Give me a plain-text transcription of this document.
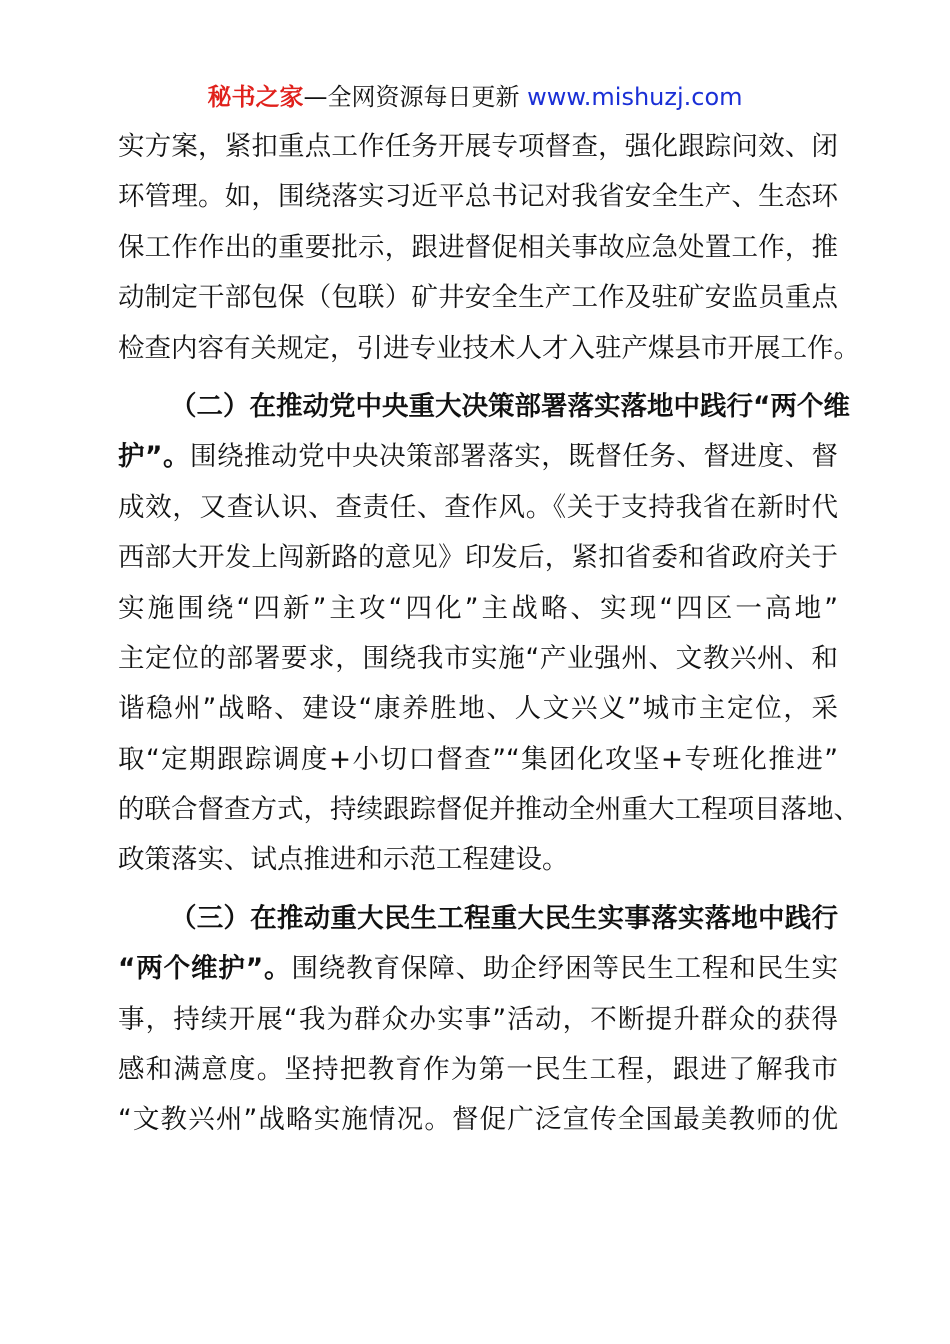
秘书之家—全网资源每日更新 www.mishuzj.com
实方案，紧扣重点工作任务开展专项督查，强化跟踪问效、闭
环管理。如，围绕落实习近平总书记对我省安全生产、生态环
保工作作出的重要批示，跟进督促相关事故应急处置工作，推
动制定干部包保（包联）矿井安全生产工作及驻矿安监员重点
检查内容有关规定，引进专业技术人才入驻产煤县市开展工作。
（二）在推动党中央重大决策部署落实落地中践行“两个维
护”。围绕推动党中央决策部署落实，既督任务、督进度、督
成效，又查认识、查责任、查作风。《关于支持我省在新时代
西部大开发上闯新路的意见》印发后，紧扣省委和省政府关于
实施围绕“四新”主攻“四化”主战略、实现“四区一高地”
主定位的部署要求，围绕我市实施“产业强州、文教兴州、和
谐稳州”战略、建设“康养胜地、人文兴义”城市主定位，采
取“定期跟踪调度+小切口督查”“集团化攻坚+专班化推进”
的联合督查方式，持续跟踪督促并推动全州重大工程项目落地、
政策落实、试点推进和示范工程建设。
（三）在推动重大民生工程重大民生实事落实落地中践行
“两个维护”。围绕教育保障、助企纾困等民生工程和民生实
事，持续开展“我为群众办实事”活动，不断提升群众的获得
感和满意度。坚持把教育作为第一民生工程，跟进了解我市
“文教兴州”战略实施情况。督促广泛宣传全国最美教师的优
